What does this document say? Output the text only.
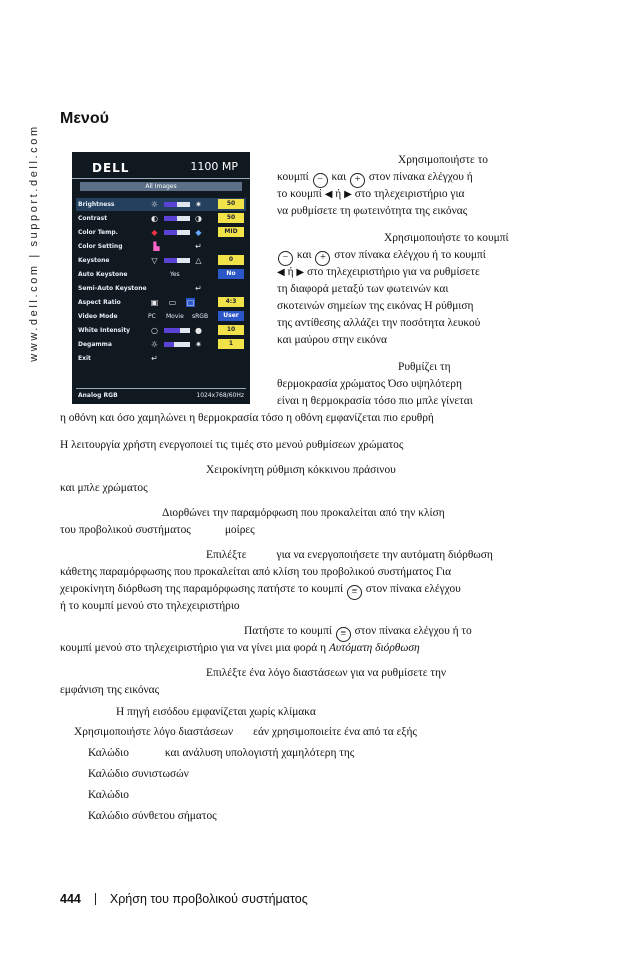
www.dell.com | support.dell.com
Μενού
DELL	1100 MP
All Images
Brightness	☼	✷	50
Contrast	◐	◑	50
Color Temp.	◆	◆	MID
Color Setting	▙	↵
Keystone	▽	△	0
Auto Keystone	Yes	No
Semi-Auto Keystone	↵
Aspect Ratio	▣ ▭ ▢	4:3
Video Mode	PC Movie sRGB	User
White Intensity	○	●	10
Degamma	☼	✷	1
Exit	↵
Analog RGB	1024x768/60Hz
Χρησιμοποιήστε το
κουμπί − και + στον πίνακα ελέγχου ή
το κουμπί ◀ ή ▶ στο τηλεχειριστήριο για
να ρυθμίσετε τη φωτεινότητα της εικόνας
Χρησιμοποιήστε το κουμπί
− και + στον πίνακα ελέγχου ή το κουμπί
◀ ή ▶ στο τηλεχειριστήριο για να ρυθμίσετε
τη διαφορά μεταξύ των φωτεινών και
σκοτεινών σημείων της εικόνας Η ρύθμιση
της αντίθεσης αλλάζει την ποσότητα λευκού
και μαύρου στην εικόνα
Ρυθμίζει τη
θερμοκρασία χρώματος Όσο υψηλότερη
είναι η θερμοκρασία τόσο πιο μπλε γίνεται
η οθόνη και όσο χαμηλώνει η θερμοκρασία τόσο η οθόνη εμφανίζεται πιο ερυθρή
Η λειτουργία χρήστη ενεργοποιεί τις τιμές στο μενού ρυθμίσεων χρώματος
Χειροκίνητη ρύθμιση κόκκινου πράσινου
και μπλε χρώματος
Διορθώνει την παραμόρφωση που προκαλείται από την κλίση
του προβολικού συστήματος	μοίρες
Επιλέξτε	για να ενεργοποιήσετε την αυτόματη διόρθωση
κάθετης παραμόρφωσης που προκαλείται από κλίση του προβολικού συστήματος Για
χειροκίνητη διόρθωση της παραμόρφωσης πατήστε το κουμπί ≡ στον πίνακα ελέγχου
ή το κουμπί μενού στο τηλεχειριστήριο
Πατήστε το κουμπί ≡ στον πίνακα ελέγχου ή το
κουμπί μενού στο τηλεχειριστήριο για να γίνει μια φορά η Αυτόματη διόρθωση
Επιλέξτε ένα λόγο διαστάσεων για να ρυθμίσετε την
εμφάνιση της εικόνας
Η πηγή εισόδου εμφανίζεται χωρίς κλίμακα
Χρησιμοποιήστε λόγο διαστάσεων εάν χρησιμοποιείτε ένα από τα εξής
Καλώδιο	και ανάλυση υπολογιστή χαμηλότερη της
Καλώδιο συνιστωσών
Καλώδιο
Καλώδιο σύνθετου σήματος
444 Χρήση του προβολικού συστήματος
